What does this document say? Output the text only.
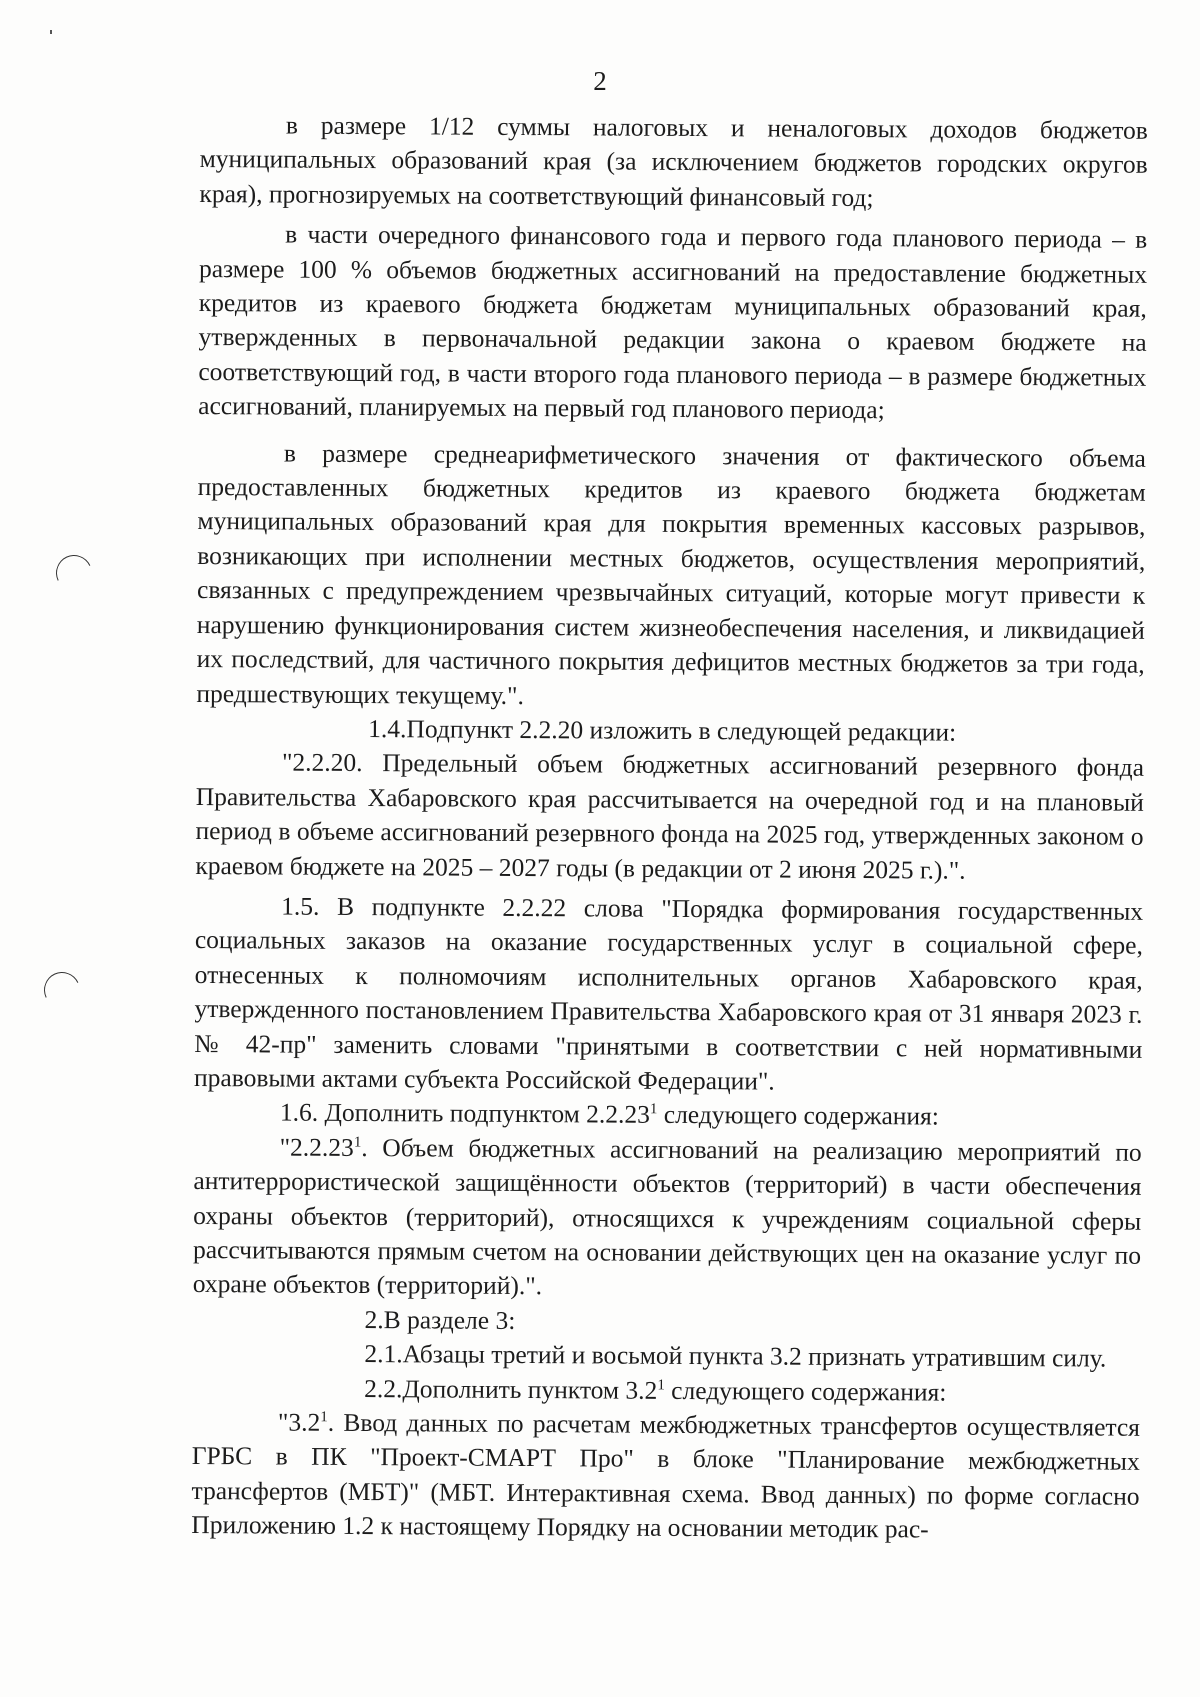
2

в размере 1/12 суммы налоговых и неналоговых доходов бюджетов муниципальных образований края (за исключением бюджетов городских округов края), прогнозируемых на соответствующий финансовый год;

в части очередного финансового года и первого года планового периода – в размере 100 % объемов бюджетных ассигнований на предоставление бюджетных кредитов из краевого бюджета бюджетам муниципальных образований края, утвержденных в первоначальной редакции закона о краевом бюджете на соответствующий год, в части второго года планового периода – в размере бюджетных ассигнований, планируемых на первый год планового периода;

в размере среднеарифметического значения от фактического объема предоставленных бюджетных кредитов из краевого бюджета бюджетам муниципальных образований края для покрытия временных кассовых разрывов, возникающих при исполнении местных бюджетов, осуществления мероприятий, связанных с предупреждением чрезвычайных ситуаций, которые могут привести к нарушению функционирования систем жизнеобеспечения населения, и ликвидацией их последствий, для частичного покрытия дефицитов местных бюджетов за три года, предшествующих текущему.".

1.4.Подпункт 2.2.20 изложить в следующей редакции:

"2.2.20. Предельный объем бюджетных ассигнований резервного фонда Правительства Хабаровского края рассчитывается на очередной год и на плановый период в объеме ассигнований резервного фонда на 2025 год, утвержденных законом о краевом бюджете на 2025 – 2027 годы (в редакции от 2 июня 2025 г.).".

1.5. В подпункте 2.2.22 слова "Порядка формирования государственных социальных заказов на оказание государственных услуг в социальной сфере, отнесенных к полномочиям исполнительных органов Хабаровского края, утвержденного постановлением Правительства Хабаровского края от 31 января 2023 г. № 42-пр" заменить словами "принятыми в соответствии с ней нормативными правовыми актами субъекта Российской Федерации".

1.6. Дополнить подпунктом 2.2.23$^1$ следующего содержания:

"2.2.23$^1$. Объем бюджетных ассигнований на реализацию мероприятий по антитеррористической защищённости объектов (территорий) в части обеспечения охраны объектов (территорий), относящихся к учреждениям социальной сферы рассчитываются прямым счетом на основании действующих цен на оказание услуг по охране объектов (территорий).".

2.В разделе 3:

2.1.Абзацы третий и восьмой пункта 3.2 признать утратившим силу.

2.2.Дополнить пунктом $3.2^1$ следующего содержания:

"$3.2^1$. Ввод данных по расчетам межбюджетных трансфертов осуществляется ГРБС в ПК "Проект-СМАРТ Про" в блоке "Планирование межбюджетных трансфертов (МБТ)" (МБТ. Интерактивная схема. Ввод данных) по форме согласно Приложению 1.2 к настоящему Порядку на основании методик рас-
